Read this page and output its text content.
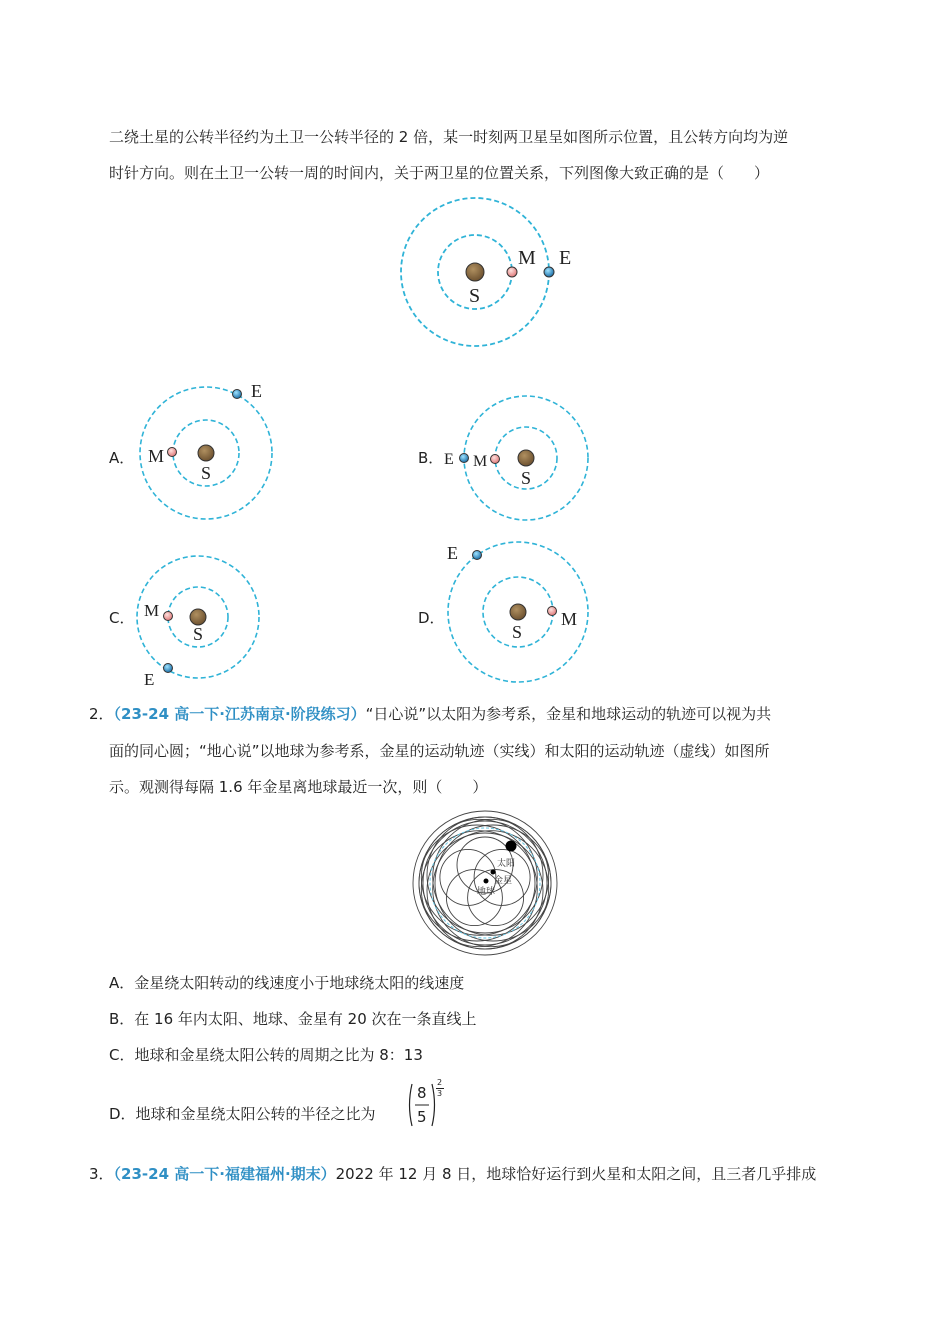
二绕土星的公转半径约为土卫一公转半径的 2 倍，某一时刻两卫星呈如图所示位置，且公转方向均为逆
时针方向。则在土卫一公转一周的时间内，关于两卫星的位置关系，下列图像大致正确的是（　　）
S
M E
A．
S
M
E
B．
S
M
E
C．
S
M
E
D．
S
M
E
2．（23-24 高一下·江苏南京·阶段练习）“日心说”以太阳为参考系，金星和地球运动的轨迹可以视为共
面的同心圆；“地心说”以地球为参考系，金星的运动轨迹（实线）和太阳的运动轨迹（虚线）如图所
示。观测得每隔 1.6 年金星离地球最近一次，则（　　）
太阳
金星
地球
A．金星绕太阳转动的线速度小于地球绕太阳的线速度
B．在 16 年内太阳、地球、金星有 20 次在一条直线上
C．地球和金星绕太阳公转的周期之比为 8：13
D．地球和金星绕太阳公转的半径之比为
8
5
2
3
3．（23-24 高一下·福建福州·期末）2022 年 12 月 8 日，地球恰好运行到火星和太阳之间，且三者几乎排成
